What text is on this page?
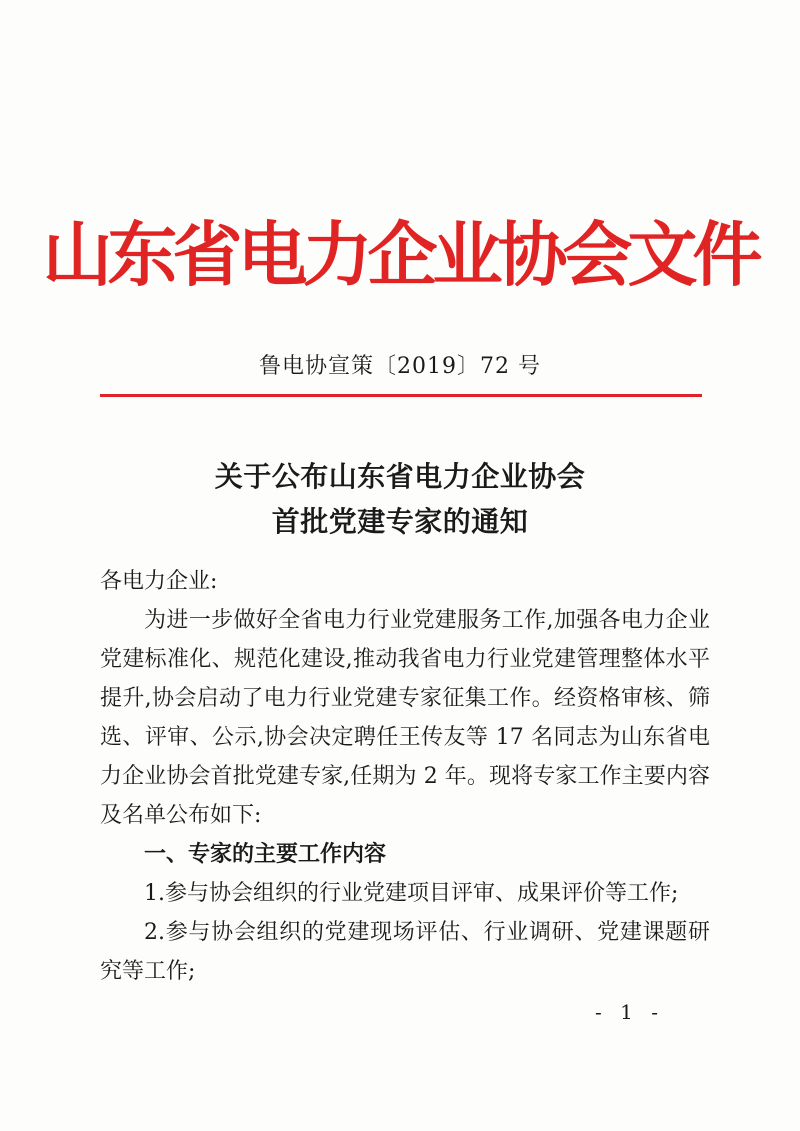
山东省电力企业协会文件
鲁电协宣策〔2019〕72 号
关于公布山东省电力企业协会
首批党建专家的通知

各电力企业:

为进一步做好全省电力行业党建服务工作,加强各电力企业党建标准化、规范化建设,推动我省电力行业党建管理整体水平提升,协会启动了电力行业党建专家征集工作。经资格审核、筛选、评审、公示,协会决定聘任王传友等 17 名同志为山东省电力企业协会首批党建专家,任期为 2 年。现将专家工作主要内容及名单公布如下:

一、专家的主要工作内容

1.参与协会组织的行业党建项目评审、成果评价等工作;

2.参与协会组织的党建现场评估、行业调研、党建课题研究等工作;

- 1 -
